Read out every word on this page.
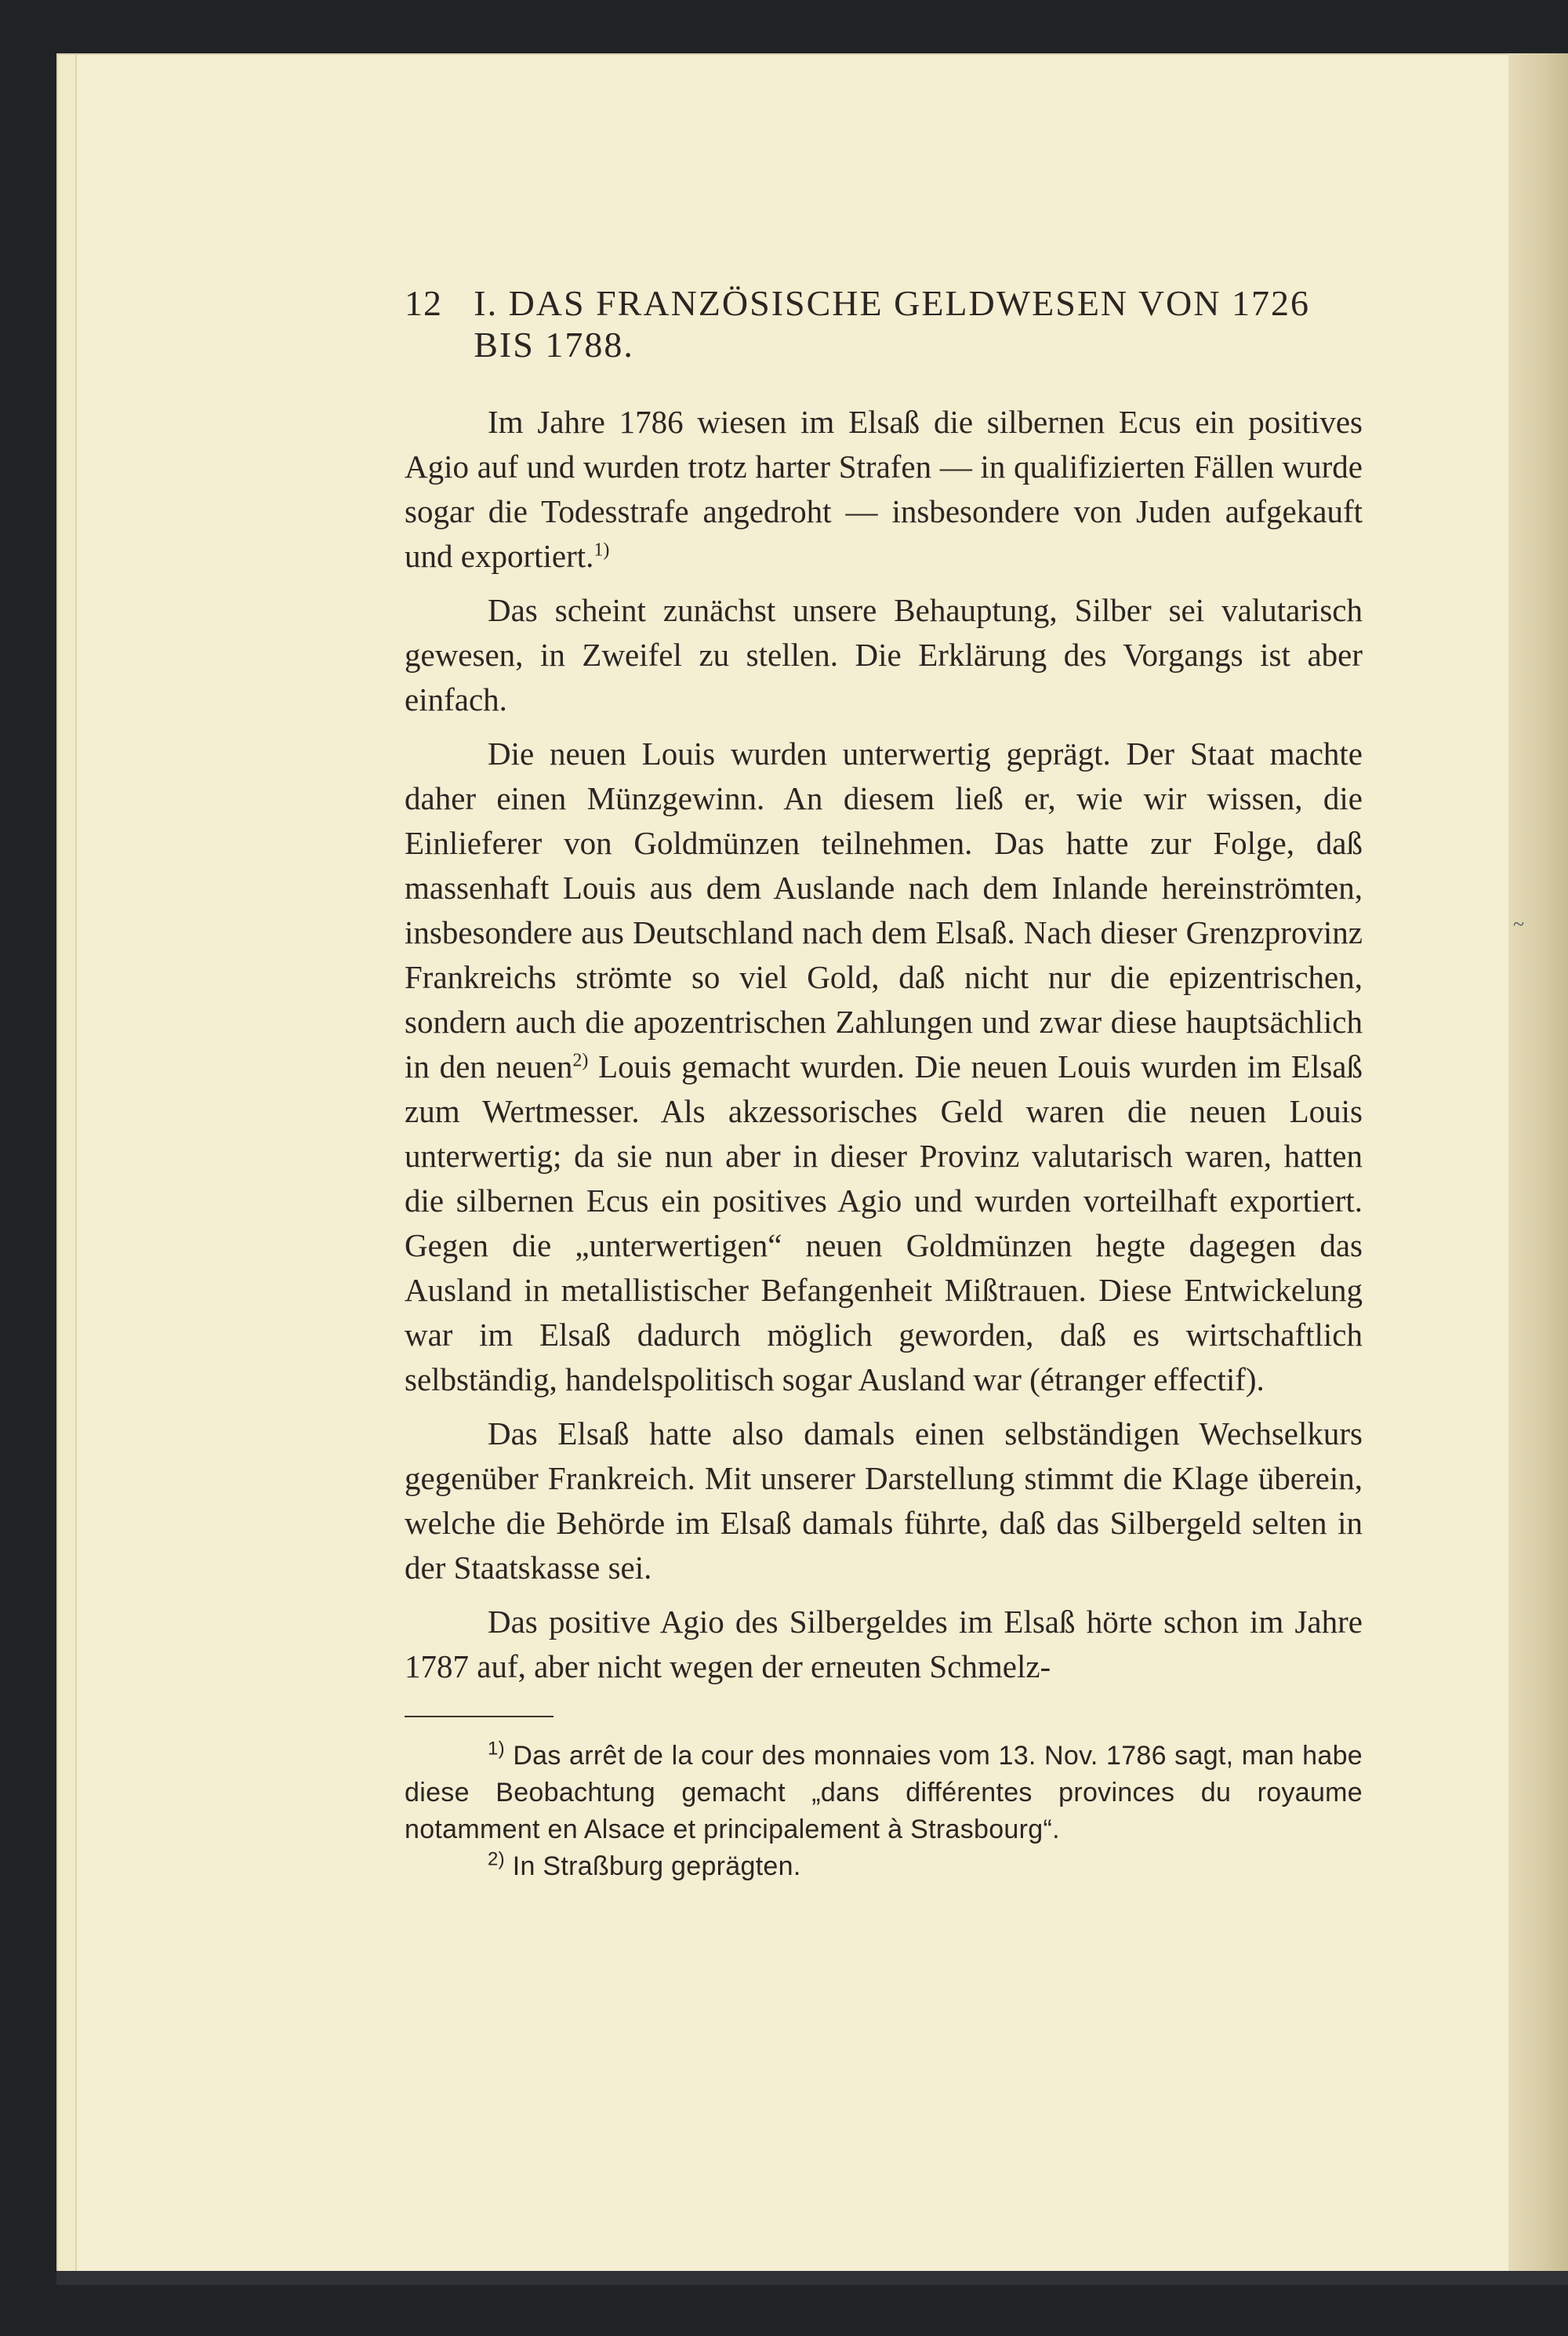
12 I. DAS FRANZÖSISCHE GELDWESEN VON 1726 BIS 1788.

Im Jahre 1786 wiesen im Elsaß die silbernen Ecus ein positives Agio auf und wurden trotz harter Strafen — in qualifizierten Fällen wurde sogar die Todesstrafe angedroht — insbesondere von Juden aufgekauft und exportiert.$^{1)}$

Das scheint zunächst unsere Behauptung, Silber sei valutarisch gewesen, in Zweifel zu stellen. Die Erklärung des Vorgangs ist aber einfach.

Die neuen Louis wurden unterwertig geprägt. Der Staat machte daher einen Münzgewinn. An diesem ließ er, wie wir wissen, die Einlieferer von Goldmünzen teilnehmen. Das hatte zur Folge, daß massenhaft Louis aus dem Auslande nach dem Inlande hereinströmten, insbesondere aus Deutschland nach dem Elsaß. Nach dieser Grenzprovinz Frankreichs strömte so viel Gold, daß nicht nur die epizentrischen, sondern auch die apozentrischen Zahlungen und zwar diese hauptsächlich in den neuen$^{2)}$ Louis gemacht wurden. Die neuen Louis wurden im Elsaß zum Wertmesser. Als akzessorisches Geld waren die neuen Louis unterwertig; da sie nun aber in dieser Provinz valutarisch waren, hatten die silbernen Ecus ein positives Agio und wurden vorteilhaft exportiert. Gegen die „unterwertigen“ neuen Goldmünzen hegte dagegen das Ausland in metallistischer Befangenheit Mißtrauen. Diese Entwickelung war im Elsaß dadurch möglich geworden, daß es wirtschaftlich selbständig, handelspolitisch sogar Ausland war (étranger effectif).

Das Elsaß hatte also damals einen selbständigen Wechselkurs gegenüber Frankreich. Mit unserer Darstellung stimmt die Klage überein, welche die Behörde im Elsaß damals führte, daß das Silbergeld selten in der Staatskasse sei.

Das positive Agio des Silbergeldes im Elsaß hörte schon im Jahre 1787 auf, aber nicht wegen der erneuten Schmelz-

$^{1)}$ Das arrêt de la cour des monnaies vom 13. Nov. 1786 sagt, man habe diese Beobachtung gemacht „dans différentes provinces du royaume notamment en Alsace et principalement à Strasbourg“.

$^{2)}$ In Straßburg geprägten.

~
